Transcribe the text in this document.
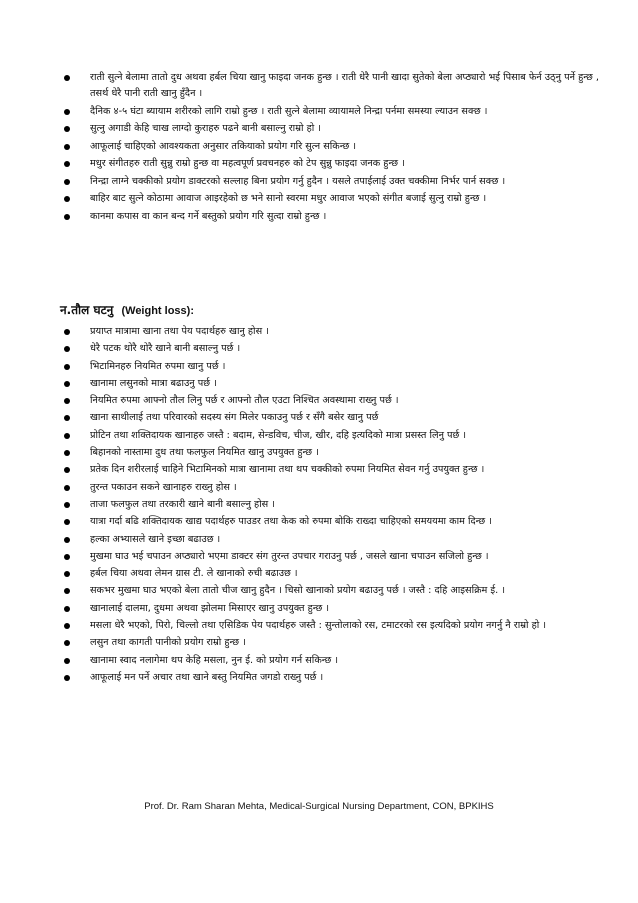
राती सुत्ने बेलामा तातो दुध अथवा हर्बल चिया खानु फाइदा जनक हुन्छ । राती धेरै पानी खादा सुतेको बेला अप्ठ्यारो भई पिसाब फेर्न उठ्नु पर्ने हुन्छ , तसर्थ धेरै पानी राती खानु हुँदैन ।
दैनिक ४-५ घंटा ब्यायाम शरीरको लागि राम्रो हुन्छ । राती सुत्ने बेलामा व्यायामले निन्द्रा पर्नमा समस्या ल्याउन सक्छ ।
सुत्नु अगाडी केहि चाख लाग्दो कुराहरु पढने बानी बसाल्नु राम्रो हो ।
आफूलाई चाहिएको आवश्यकता अनुसार तकियाको प्रयोग गरि सुत्न सकिन्छ ।
मधुर संगीतहरु राती सुन्नु राम्रो हुन्छ वा महत्वपूर्ण प्रवचनहरु को टेप सुन्नु फाइदा जनक हुन्छ ।
निन्द्रा लाग्ने चक्कीको प्रयोग डाक्टरको सल्लाह बिना प्रयोग गर्नु हुदैन । यसले तपाईलाई उक्त चक्कीमा निर्भर पार्न सक्छ ।
बाहिर बाट सुत्ने कोठामा आवाज आइरहेको छ भने सानो स्वरमा मधुर आवाज भएको संगीत बजाई सुत्नु राम्रो हुन्छ ।
कानमा कपास वा कान बन्द गर्ने बस्तुको प्रयोग गरि सुत्दा राम्रो हुन्छ ।
न.तौल घटनु (Weight loss):
प्रयाप्त मात्रामा खाना तथा पेय पदार्थहरु खानु होस ।
धेरै पटक थोरै थोरै खाने बानी बसाल्नु पर्छ ।
भिटामिनहरु नियमित रुपमा खानु पर्छ ।
खानामा लसुनको मात्रा बढाउनु पर्छ ।
नियमित रुपमा आफ्नो तौल लिनु पर्छ र आफ्नो तौल एउटा निश्चित अवस्थामा राख्नु पर्छ ।
खाना साथीलाई तथा परिवारको सदस्य संग मिलेर पकाउनु पर्छ र सँगै बसेर खानु पर्छ
प्रोटिन तथा शक्तिदायक खानाहरु जस्तै : बदाम, सेन्डविच, चीज, खीर, दहि इत्यदिको मात्रा प्रसस्त लिनु पर्छ ।
बिहानको नास्तामा दुध तथा फलफुल नियमित खानु उपयुक्त हुन्छ ।
प्रतेक दिन शरीरलाई चाहिने भिटामिनको मात्रा खानामा तथा थप चक्कीको रुपमा नियमित सेवन गर्नु उपयुक्त हुन्छ ।
तुरन्त पकाउन सकने खानाहरु राख्नु होस ।
ताजा फलफुल तथा तरकारी खाने बानी बसाल्नु होस ।
यात्रा गर्दा बढि शक्तिदायक खाद्य पदार्थहरु पाउडर तथा केक को रुपमा बोकि राख्दा चाहिएको समययमा काम दिन्छ ।
हल्का अभ्यासले खाने इच्छा बढाउछ ।
मुखमा घाउ भई चपाउन अप्ठ्यारो भएमा डाक्टर संग तुरन्त उपचार गराउनु पर्छ , जसले खाना चपाउन सजिलो हुन्छ ।
हर्बल चिया अथवा लेमन ग्रास टी. ले खानाको रुची बढाउछ ।
सकभर मुखमा घाउ भएको बेला तातो चीज खानु हुदैन । चिसो खानाको प्रयोग बढाउनु पर्छ । जस्तै : दहि आइसक्रिम ई. ।
खानालाई दालमा, दुधमा अथवा झोलमा मिसाएर खानु उपयुक्त हुन्छ ।
मसला धेरै भएको, पिरो, चिल्लो तथा एसिडिक पेय पदार्थहरु जस्तै : सुन्तोलाको रस, टमाटरको रस इत्यदिको प्रयोग नगर्नु नै राम्रो हो ।
लसुन तथा कागती पानीको प्रयोग राम्रो हुन्छ ।
खानामा स्वाद नलागेमा थप केहि मसला, नुन ई. को प्रयोग गर्न सकिन्छ ।
आफूलाई मन पर्ने अचार तथा खाने बस्तु नियमित जगडो राख्नु पर्छ ।
Prof. Dr. Ram Sharan Mehta, Medical-Surgical Nursing Department, CON, BPKIHS
